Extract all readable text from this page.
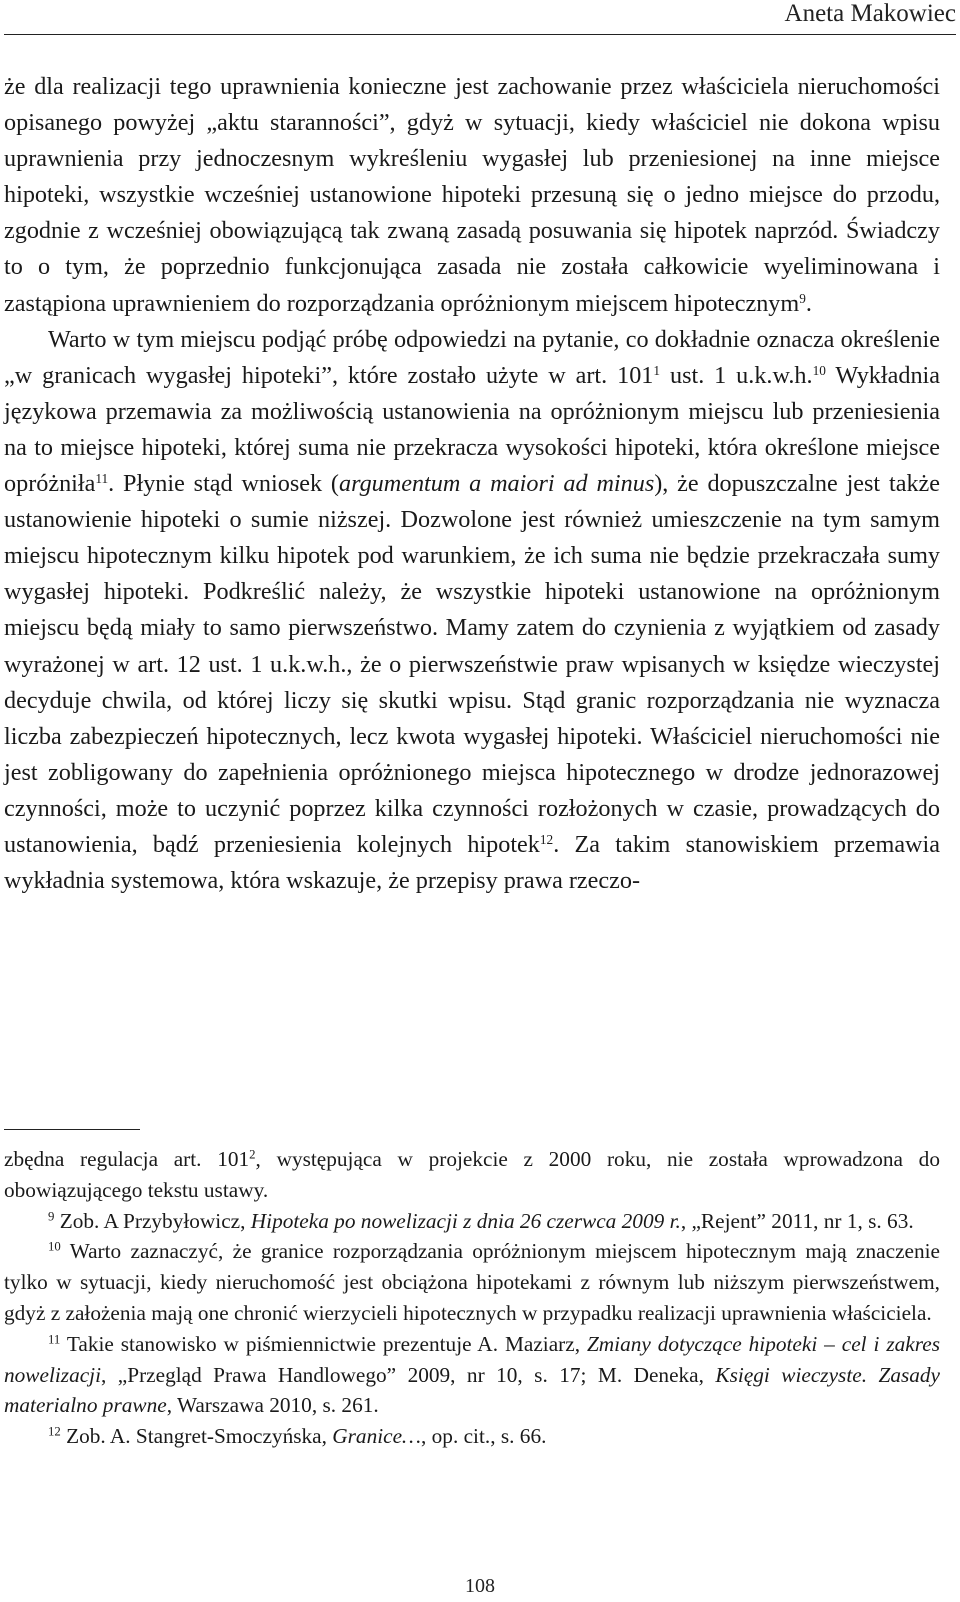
Aneta Makowiec

że dla realizacji tego uprawnienia konieczne jest zachowanie przez właściciela nieruchomości opisanego powyżej „aktu staranności”, gdyż w sytuacji, kiedy właściciel nie dokona wpisu uprawnienia przy jednoczesnym wykreśleniu wygasłej lub przeniesionej na inne miejsce hipoteki, wszystkie wcześniej ustanowione hipoteki przesuną się o jedno miejsce do przodu, zgodnie z wcześniej obowiązującą tak zwaną zasadą posuwania się hipotek naprzód. Świadczy to o tym, że poprzednio funkcjonująca zasada nie została całkowicie wyeliminowana i zastąpiona uprawnieniem do rozporządzania opróżnionym miejscem hipotecznym$^9$.

Warto w tym miejscu podjąć próbę odpowiedzi na pytanie, co dokładnie oznacza określenie „w granicach wygasłej hipoteki”, które zostało użyte w art. $101^1$ ust. 1 u.k.w.h.$^{10}$ Wykładnia językowa przemawia za możliwością ustanowienia na opróżnionym miejscu lub przeniesienia na to miejsce hipoteki, której suma nie przekracza wysokości hipoteki, która określone miejsce opróżniła$^{11}$. Płynie stąd wniosek (argumentum a maiori ad minus), że dopuszczalne jest także ustanowienie hipoteki o sumie niższej. Dozwolone jest również umieszczenie na tym samym miejscu hipotecznym kilku hipotek pod warunkiem, że ich suma nie będzie przekraczała sumy wygasłej hipoteki. Podkreślić należy, że wszystkie hipoteki ustanowione na opróżnionym miejscu będą miały to samo pierwszeństwo. Mamy zatem do czynienia z wyjątkiem od zasady wyrażonej w art. 12 ust. 1 u.k.w.h., że o pierwszeństwie praw wpisanych w księdze wieczystej decyduje chwila, od której liczy się skutki wpisu. Stąd granic rozporządzania nie wyznacza liczba zabezpieczeń hipotecznych, lecz kwota wygasłej hipoteki. Właściciel nieruchomości nie jest zobligowany do zapełnienia opróżnionego miejsca hipotecznego w drodze jednorazowej czynności, może to uczynić poprzez kilka czynności rozłożonych w czasie, prowadzących do ustanowienia, bądź przeniesienia kolejnych hipotek$^{12}$. Za takim stanowiskiem przemawia wykładnia systemowa, która wskazuje, że przepisy prawa rzeczo-

zbędna regulacja art. $101^2$, występująca w projekcie z 2000 roku, nie została wprowadzona do obowiązującego tekstu ustawy.

$^9$ Zob. A Przybyłowicz, Hipoteka po nowelizacji z dnia 26 czerwca 2009 r., „Rejent” 2011, nr 1, s. 63.

$^{10}$ Warto zaznaczyć, że granice rozporządzania opróżnionym miejscem hipotecznym mają znaczenie tylko w sytuacji, kiedy nieruchomość jest obciążona hipotekami z równym lub niższym pierwszeństwem, gdyż z założenia mają one chronić wierzycieli hipotecznych w przypadku realizacji uprawnienia właściciela.

$^{11}$ Takie stanowisko w piśmiennictwie prezentuje A. Maziarz, Zmiany dotyczące hipoteki – cel i zakres nowelizacji, „Przegląd Prawa Handlowego” 2009, nr 10, s. 17; M. Deneka, Księgi wieczyste. Zasady materialno prawne, Warszawa 2010, s. 261.

$^{12}$ Zob. A. Stangret-Smoczyńska, Granice…, op. cit., s. 66.

108
